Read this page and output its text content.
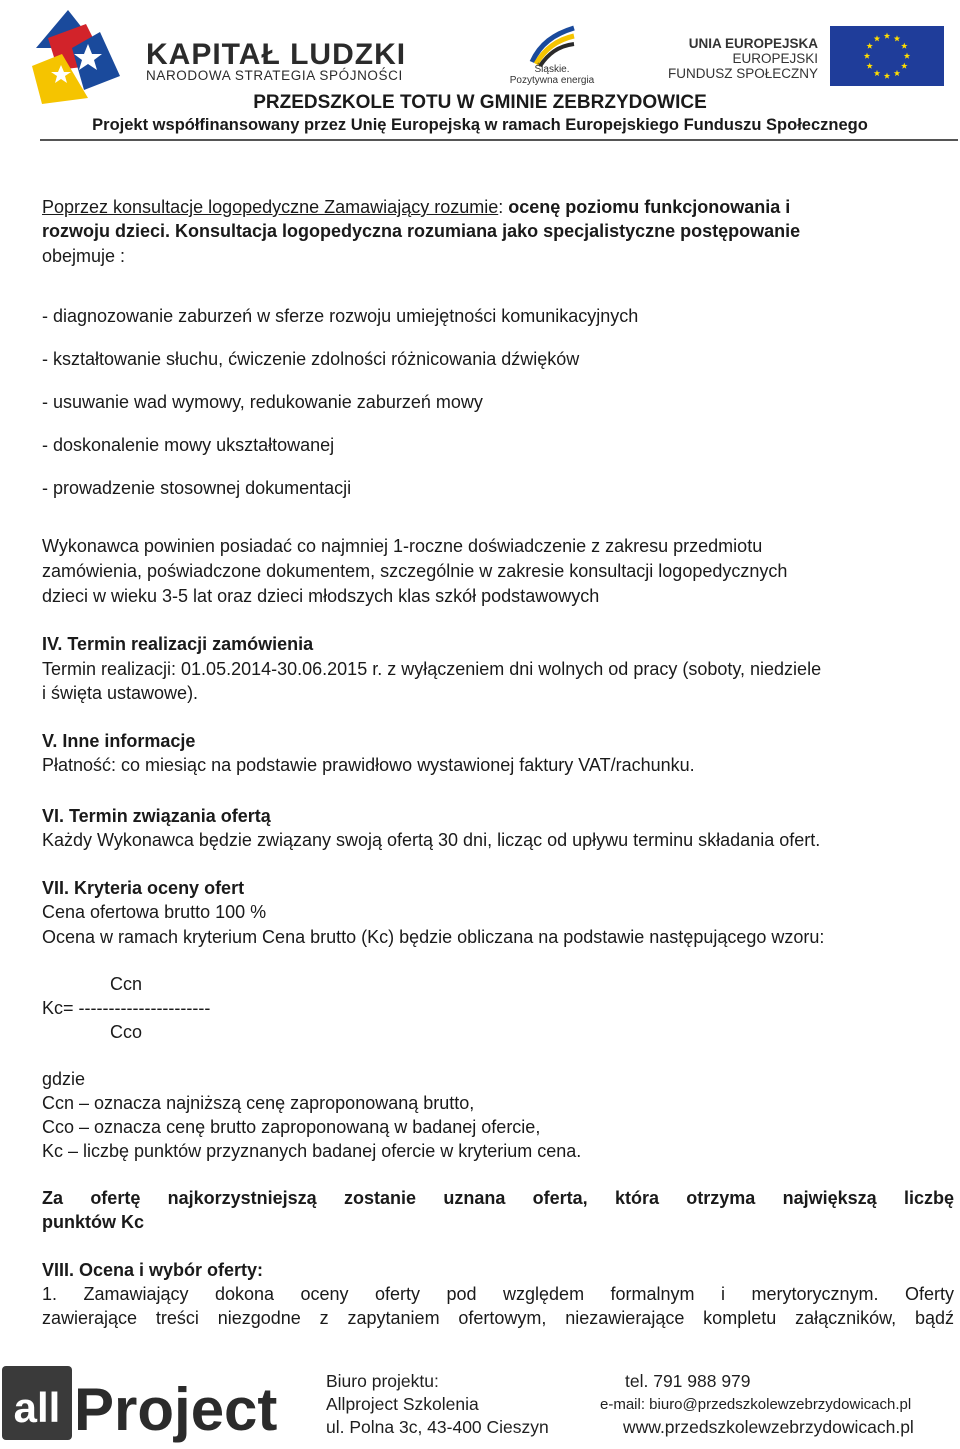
KAPITAŁ LUDZKI
NARODOWA STRATEGIA SPÓJNOŚCI	Śląskie.
Pozytywna energia
UNIA EUROPEJSKA
EUROPEJSKI
FUNDUSZ SPOŁECZNY
PRZEDSZKOLE TOTU W GMINIE ZEBRZYDOWICE
Projekt współfinansowany przez Unię Europejską w ramach Europejskiego Funduszu Społecznego
Poprzez konsultacje logopedyczne Zamawiający rozumie: ocenę poziomu funkcjonowania i
rozwoju dzieci. Konsultacja logopedyczna rozumiana jako specjalistyczne postępowanie
obejmuje :
- diagnozowanie zaburzeń w sferze rozwoju umiejętności komunikacyjnych
- kształtowanie słuchu, ćwiczenie zdolności różnicowania dźwięków
- usuwanie wad wymowy, redukowanie zaburzeń mowy
- doskonalenie mowy ukształtowanej
- prowadzenie stosownej dokumentacji
Wykonawca powinien posiadać co najmniej 1-roczne doświadczenie z zakresu przedmiotu
zamówienia, poświadczone dokumentem, szczególnie w zakresie konsultacji logopedycznych
dzieci w wieku 3-5 lat oraz dzieci młodszych klas szkół podstawowych
IV. Termin realizacji zamówienia
Termin realizacji: 01.05.2014-30.06.2015 r. z wyłączeniem dni wolnych od pracy (soboty, niedziele
i święta ustawowe).
V. Inne informacje
Płatność: co miesiąc na podstawie prawidłowo wystawionej faktury VAT/rachunku.
VI. Termin związania ofertą
Każdy Wykonawca będzie związany swoją ofertą 30 dni, licząc od upływu terminu składania ofert.
VII. Kryteria oceny ofert
Cena ofertowa brutto 100 %
Ocena w ramach kryterium Cena brutto (Kc) będzie obliczana na podstawie następującego wzoru:
Ccn
Kc= ----------------------
Cco
gdzie
Ccn – oznacza najniższą cenę zaproponowaną brutto,
Cco – oznacza cenę brutto zaproponowaną w badanej ofercie,
Kc – liczbę punktów przyznanych badanej ofercie w kryterium cena.
Za ofertę najkorzystniejszą zostanie uznana oferta, która otrzyma największą liczbę
punktów Kc
VIII. Ocena i wybór oferty:
1. Zamawiający dokona oceny oferty pod względem formalnym i merytorycznym. Oferty
zawierające treści niezgodne z zapytaniem ofertowym, niezawierające kompletu załączników, bądź
all Project	Biuro projektu:
Allproject Szkolenia
ul. Polna 3c, 43-400 Cieszyn
tel. 791 988 979
e-mail: biuro@przedszkolewzebrzydowicach.pl
www.przedszkolewzebrzydowicach.pl
